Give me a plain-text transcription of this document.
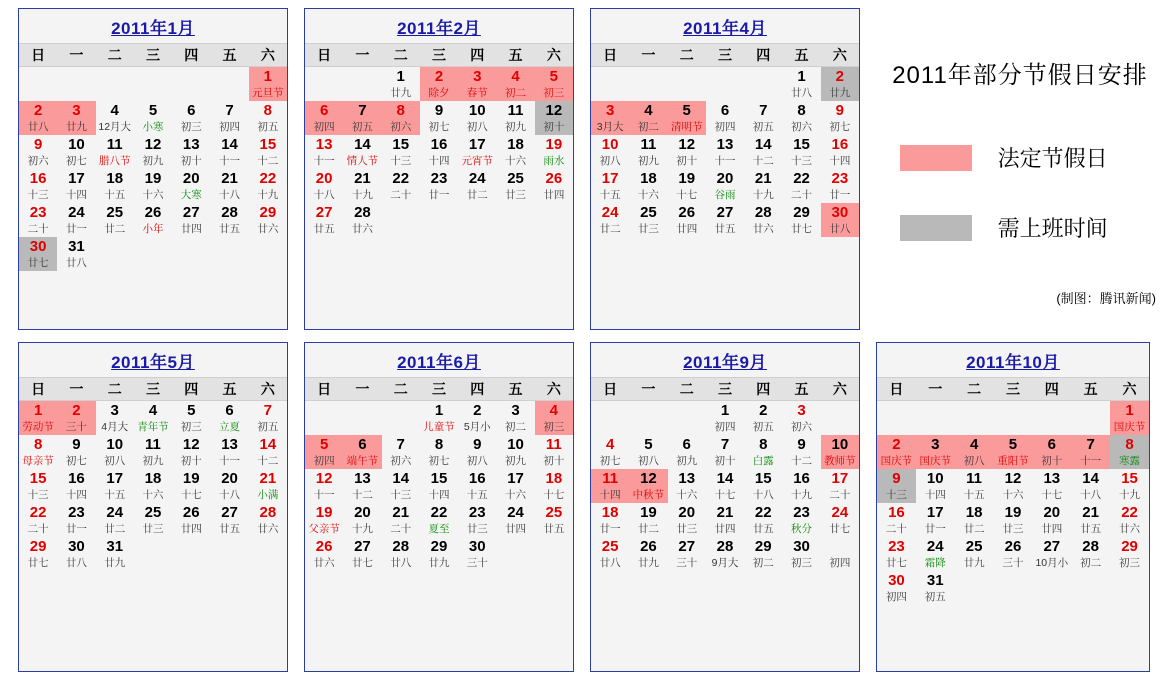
2011年1月
日	一	二	三	四	五	六
						1
						元旦节
2	3	4	5	6	7	8
廿八	廿九	12月大	小寒	初三	初四	初五
9	10	11	12	13	14	15
初六	初七	腊八节	初九	初十	十一	十二
16	17	18	19	20	21	22
十三	十四	十五	十六	大寒	十八	十九
23	24	25	26	27	28	29
二十	廿一	廿二	小年	廿四	廿五	廿六
30	31					
廿七	廿八					
2011年2月
日	一	二	三	四	五	六
		1	2	3	4	5
		廿九	除夕	春节	初二	初三
6	7	8	9	10	11	12
初四	初五	初六	初七	初八	初九	初十
13	14	15	16	17	18	19
十一	情人节	十三	十四	元宵节	十六	雨水
20	21	22	23	24	25	26
十八	十九	二十	廿一	廿二	廿三	廿四
27	28					
廿五	廿六					

2011年4月
日	一	二	三	四	五	六
					1	2
					廿八	廿九
3	4	5	6	7	8	9
3月大	初二	清明节	初四	初五	初六	初七
10	11	12	13	14	15	16
初八	初九	初十	十一	十二	十三	十四
17	18	19	20	21	22	23
十五	十六	十七	谷雨	十九	二十	廿一
24	25	26	27	28	29	30
廿二	廿三	廿四	廿五	廿六	廿七	廿八

2011年5月
日	一	二	三	四	五	六
1	2	3	4	5	6	7
劳动节	三十	4月大	青年节	初三	立夏	初五
8	9	10	11	12	13	14
母亲节	初七	初八	初九	初十	十一	十二
15	16	17	18	19	20	21
十三	十四	十五	十六	十七	十八	小满
22	23	24	25	26	27	28
二十	廿一	廿二	廿三	廿四	廿五	廿六
29	30	31				
廿七	廿八	廿九				

2011年6月
日	一	二	三	四	五	六
			1	2	3	4
			儿童节	5月小	初二	初三
5	6	7	8	9	10	11
初四	端午节	初六	初七	初八	初九	初十
12	13	14	15	16	17	18
十一	十二	十三	十四	十五	十六	十七
19	20	21	22	23	24	25
父亲节	十九	二十	夏至	廿三	廿四	廿五
26	27	28	29	30		
廿六	廿七	廿八	廿九	三十		

2011年9月
日	一	二	三	四	五	六
			1	2	3	
			初四	初五	初六	
4	5	6	7	8	9	10
初七	初八	初九	初十	白露	十二	教师节
11	12	13	14	15	16	17
十四	中秋节	十六	十七	十八	十九	二十
18	19	20	21	22	23	24
廿一	廿二	廿三	廿四	廿五	秋分	廿七
25	26	27	28	29	30	
廿八	廿九	三十	9月大	初二	初三	初四

2011年10月
日	一	二	三	四	五	六
						1
						国庆节
2	3	4	5	6	7	8
国庆节	国庆节	初八	重阳节	初十	十一	寒露
9	10	11	12	13	14	15
十三	十四	十五	十六	十七	十八	十九
16	17	18	19	20	21	22
二十	廿一	廿二	廿三	廿四	廿五	廿六
23	24	25	26	27	28	29
廿七	霜降	廿九	三十	10月小	初二	初三
30	31					
初四	初五					
2011年部分节假日安排
法定节假日
需上班时间
(制图：腾讯新闻)
